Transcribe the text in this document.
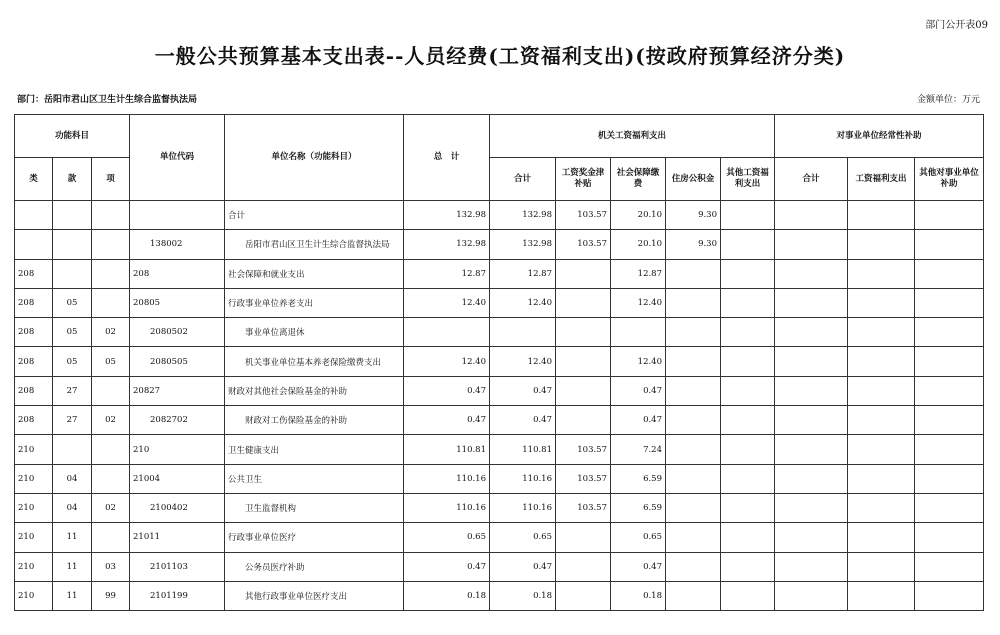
部门公开表09
一般公共预算基本支出表--人员经费(工资福利支出)(按政府预算经济分类)
部门：岳阳市君山区卫生计生综合监督执法局	金额单位：万元
功能科目			单位代码	单位名称（功能科目）	总　计	机关工资福利支出					对事业单位经常性补助		
类	款	项				合计	工资奖金津补贴	社会保障缴费	住房公积金	其他工资福利支出	合计	工资福利支出	其他对事业单位补助
				合计	132.98	132.98	103.57	20.10	9.30				
			138002	岳阳市君山区卫生计生综合监督执法局	132.98	132.98	103.57	20.10	9.30				
208			208	社会保障和就业支出	12.87	12.87		12.87					
208	05		20805	行政事业单位养老支出	12.40	12.40		12.40					
208	05	02	2080502	事业单位离退休									
208	05	05	2080505	机关事业单位基本养老保险缴费支出	12.40	12.40		12.40					
208	27		20827	财政对其他社会保险基金的补助	0.47	0.47		0.47					
208	27	02	2082702	财政对工伤保险基金的补助	0.47	0.47		0.47					
210			210	卫生健康支出	110.81	110.81	103.57	7.24					
210	04		21004	公共卫生	110.16	110.16	103.57	6.59					
210	04	02	2100402	卫生监督机构	110.16	110.16	103.57	6.59					
210	11		21011	行政事业单位医疗	0.65	0.65		0.65					
210	11	03	2101103	公务员医疗补助	0.47	0.47		0.47					
210	11	99	2101199	其他行政事业单位医疗支出	0.18	0.18		0.18					
